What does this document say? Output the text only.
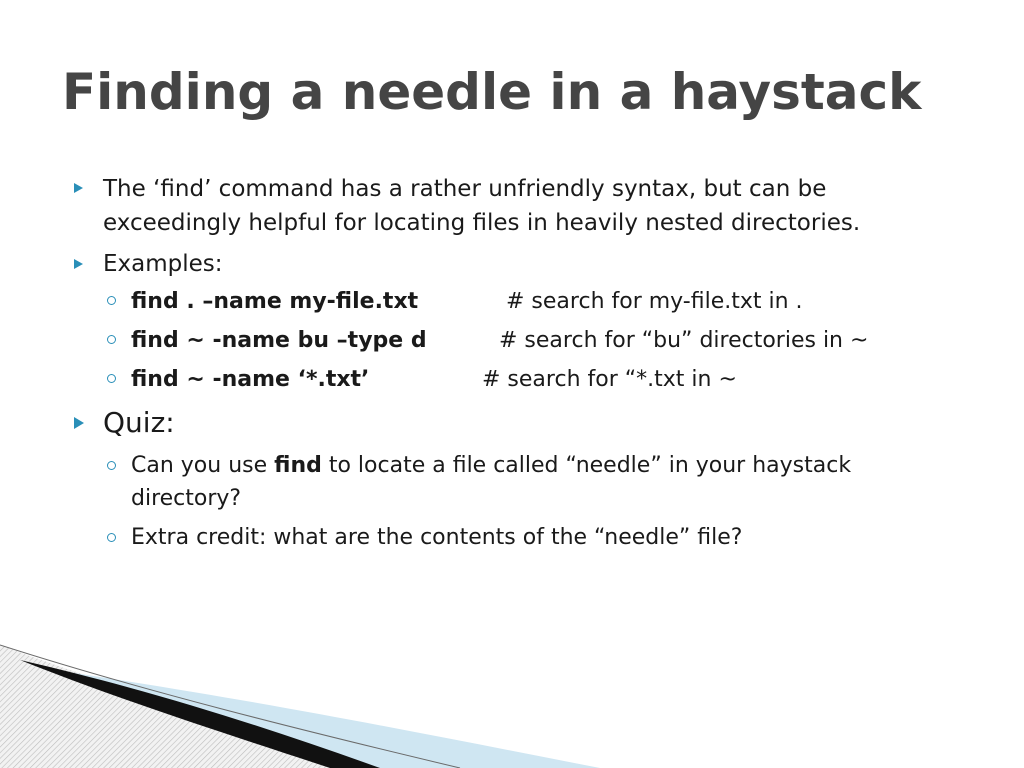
Finding a needle in a haystack

The ‘find’ command has a rather unfriendly syntax, but can be

exceedingly helpful for locating files in heavily nested directories.

Examples:

find . –name my-file.txt	# search for my-file.txt in .

find ~ -name bu –type d	# search for “bu” directories in ~

find ~ -name ‘*.txt’	# search for “*.txt in ~

Quiz:

Can you use find to locate a file called “needle” in your haystack

directory?

Extra credit: what are the contents of the “needle” file?
